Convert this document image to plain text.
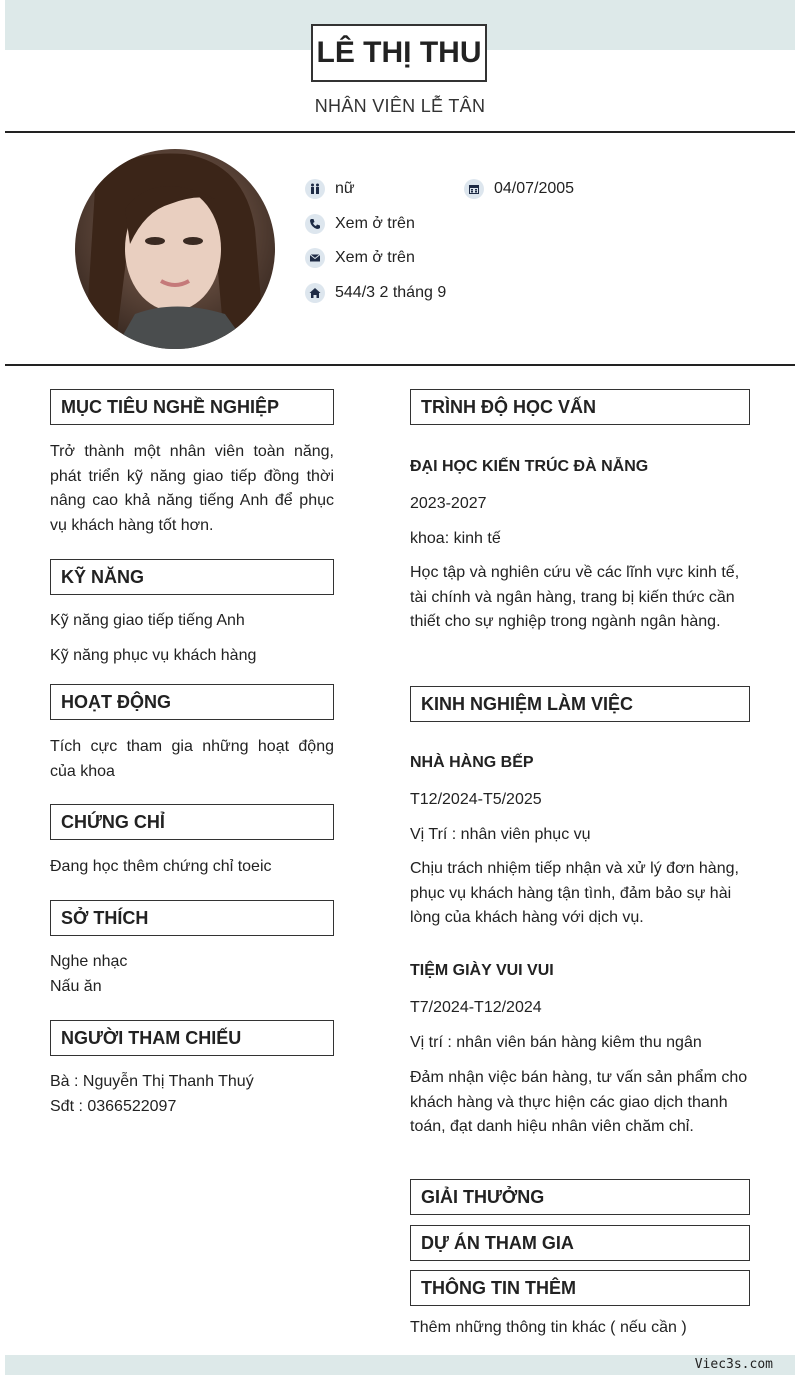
LÊ THỊ THU
NHÂN VIÊN LỄ TÂN
nữ	04/07/2005
Xem ở trên
Xem ở trên
544/3 2 tháng 9
MỤC TIÊU NGHỀ NGHIỆP
Trở thành một nhân viên toàn năng, phát triển kỹ năng giao tiếp đồng thời nâng cao khả năng tiếng Anh để phục vụ khách hàng tốt hơn.
KỸ NĂNG
Kỹ năng giao tiếp tiếng Anh
Kỹ năng phục vụ khách hàng
HOẠT ĐỘNG
Tích cực tham gia những hoạt động của khoa
CHỨNG CHỈ
Đang học thêm chứng chỉ toeic
SỞ THÍCH
Nghe nhạc
Nấu ăn
NGƯỜI THAM CHIẾU
Bà : Nguyễn Thị Thanh Thuý
Sđt : 0366522097
TRÌNH ĐỘ HỌC VẤN
ĐẠI HỌC KIẾN TRÚC ĐÀ NẴNG
2023-2027
khoa: kinh tế
Học tập và nghiên cứu về các lĩnh vực kinh tế, tài chính và ngân hàng, trang bị kiến thức cần thiết cho sự nghiệp trong ngành ngân hàng.
KINH NGHIỆM LÀM VIỆC
NHÀ HÀNG BẾP
T12/2024-T5/2025
Vị Trí : nhân viên phục vụ
Chịu trách nhiệm tiếp nhận và xử lý đơn hàng, phục vụ khách hàng tận tình, đảm bảo sự hài lòng của khách hàng với dịch vụ.
TIỆM GIÀY VUI VUI
T7/2024-T12/2024
Vị trí : nhân viên bán hàng kiêm thu ngân
Đảm nhận việc bán hàng, tư vấn sản phẩm cho khách hàng và thực hiện các giao dịch thanh toán, đạt danh hiệu nhân viên chăm chỉ.
GIẢI THƯỞNG
DỰ ÁN THAM GIA
THÔNG TIN THÊM
Thêm những thông tin khác ( nếu cần )
Viec3s.com
